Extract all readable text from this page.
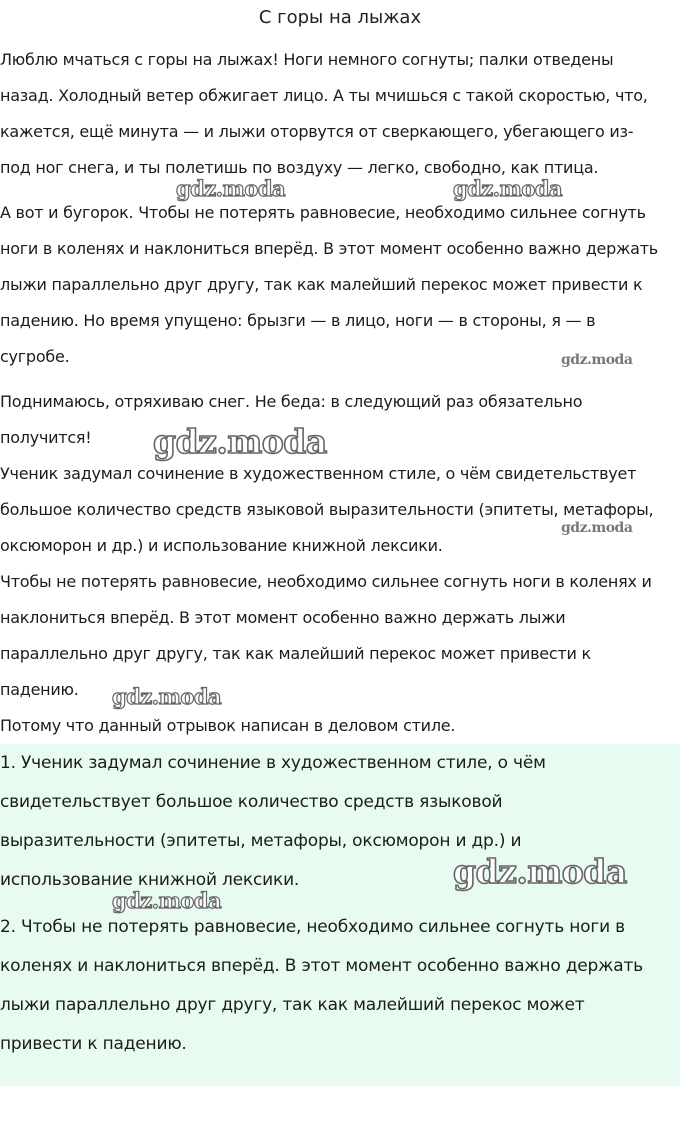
С горы на лыжах
Люблю мчаться с горы на лыжах! Ноги немного согнуты; палки отведены
назад. Холодный ветер обжигает лицо. А ты мчишься с такой скоростью, что,
кажется, ещё минута — и лыжи оторвутся от сверкающего, убегающего из-
под ног снега, и ты полетишь по воздуху — легко, свободно, как птица.
А вот и бугорок. Чтобы не потерять равновесие, необходимо сильнее согнуть
ноги в коленях и наклониться вперёд. В этот момент особенно важно держать
лыжи параллельно друг другу, так как малейший перекос может привести к
падению. Но время упущено: брызги — в лицо, ноги — в стороны, я — в
сугробе.
Поднимаюсь, отряхиваю снег. Не беда: в следующий раз обязательно
получится!
Ученик задумал сочинение в художественном стиле, о чём свидетельствует
большое количество средств языковой выразительности (эпитеты, метафоры,
оксюморон и др.) и использование книжной лексики.
Чтобы не потерять равновесие, необходимо сильнее согнуть ноги в коленях и
наклониться вперёд. В этот момент особенно важно держать лыжи
параллельно друг другу, так как малейший перекос может привести к
падению.
Потому что данный отрывок написан в деловом стиле.
1. Ученик задумал сочинение в художественном стиле, о чём
свидетельствует большое количество средств языковой
выразительности (эпитеты, метафоры, оксюморон и др.) и
использование книжной лексики.
2. Чтобы не потерять равновесие, необходимо сильнее согнуть ноги в
коленях и наклониться вперёд. В этот момент особенно важно держать
лыжи параллельно друг другу, так как малейший перекос может
привести к падению.
gdz.moda	gdz.moda
gdz.moda
gdz.moda
gdz.moda
gdz.moda
gdz.moda
gdz.moda
